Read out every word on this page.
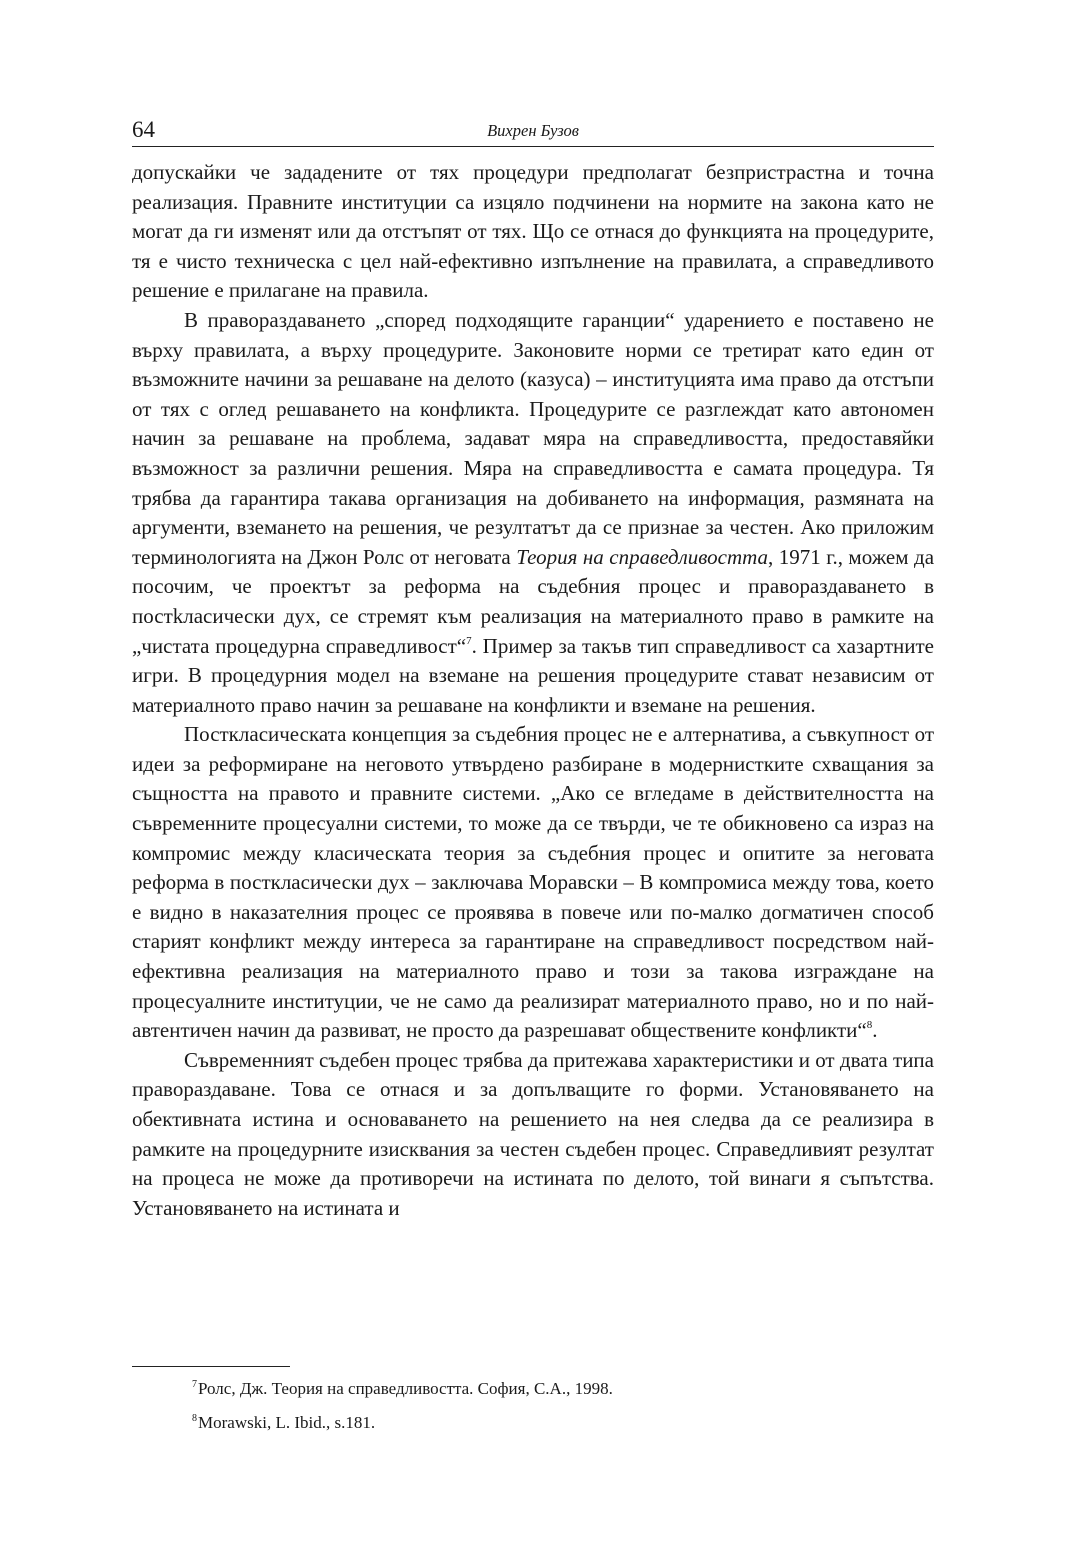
64	Вихрен Бузов

допускайки че зададените от тях процедури предполагат безпристрастна и точна реализация. Правните институции са изцяло подчинени на нормите на закона като не могат да ги изменят или да отстъпят от тях. Що се отнася до функцията на процедурите, тя е чисто техническа с цел най-ефективно изпълнение на правилата, а справедливото решение е прилагане на правила.

В правораздаването „според подходящите гаранции“ ударението е поставено не върху правилата, а върху процедурите. Законовите норми се третират като един от възможните начини за решаване на делото (казуса) – институцията има право да отстъпи от тях с оглед решаването на конфликта. Процедурите се разглеждат като автономен начин за решаване на проблема, задават мяра на справедливостта, предоставяйки възможност за различни решения. Мяра на справедливостта е самата процедура. Тя трябва да гарантира такава организация на добиването на информация, размяната на аргументи, вземането на решения, че резултатът да се признае за честен. Ако приложим терминологията на Джон Ролс от неговата Теория на справедливостта, 1971 г., можем да посочим, че проектът за реформа на съдебния процес и правораздаването в постkласически дух, се стремят към реализация на материалното право в рамките на „чистата процедурна справедливост“$^7$. Пример за такъв тип справедливост са хазартните игри. В процедурния модел на вземане на решения процедурите стават независим от материалното право начин за решаване на конфликти и вземане на решения.

Посткласическата концепция за съдебния процес не е алтернатива, а съвкупност от идеи за реформиране на неговото утвърдено разбиране в модернистките схващания за същността на правото и правните системи. „Ако се вгледаме в действителността на съвременните процесуални системи, то може да се твърди, че те обикновено са израз на компромис между класическата теория за съдебния процес и опитите за неговата реформа в посткласически дух – заключава Моравски – В компромиса между това, което е видно в наказателния процес се проявява в повече или по-малко догматичен способ старият конфликт между интереса за гарантиране на справедливост посредством най-ефективна реализация на материалното право и този за такова изграждане на процесуалните институции, че не само да реализират материалното право, но и по най-автентичен начин да развиват, не просто да разрешават обществените конфликти“$^8$.

Съвременният съдебен процес трябва да притежава характеристики и от двата типа правораздаване. Това се отнася и за допълващите го форми. Установяването на обективната истина и основаването на решението на нея следва да се реализира в рамките на процедурните изисквания за честен съдебен процес. Справедливият резултат на процеса не може да противоречи на истината по делото, той винаги я съпътства. Установяването на истината и

$^7$Ролс, Дж. Теория на справедливостта. София, С.А., 1998.

$^8$Morawski, L. Ibid., s.181.
